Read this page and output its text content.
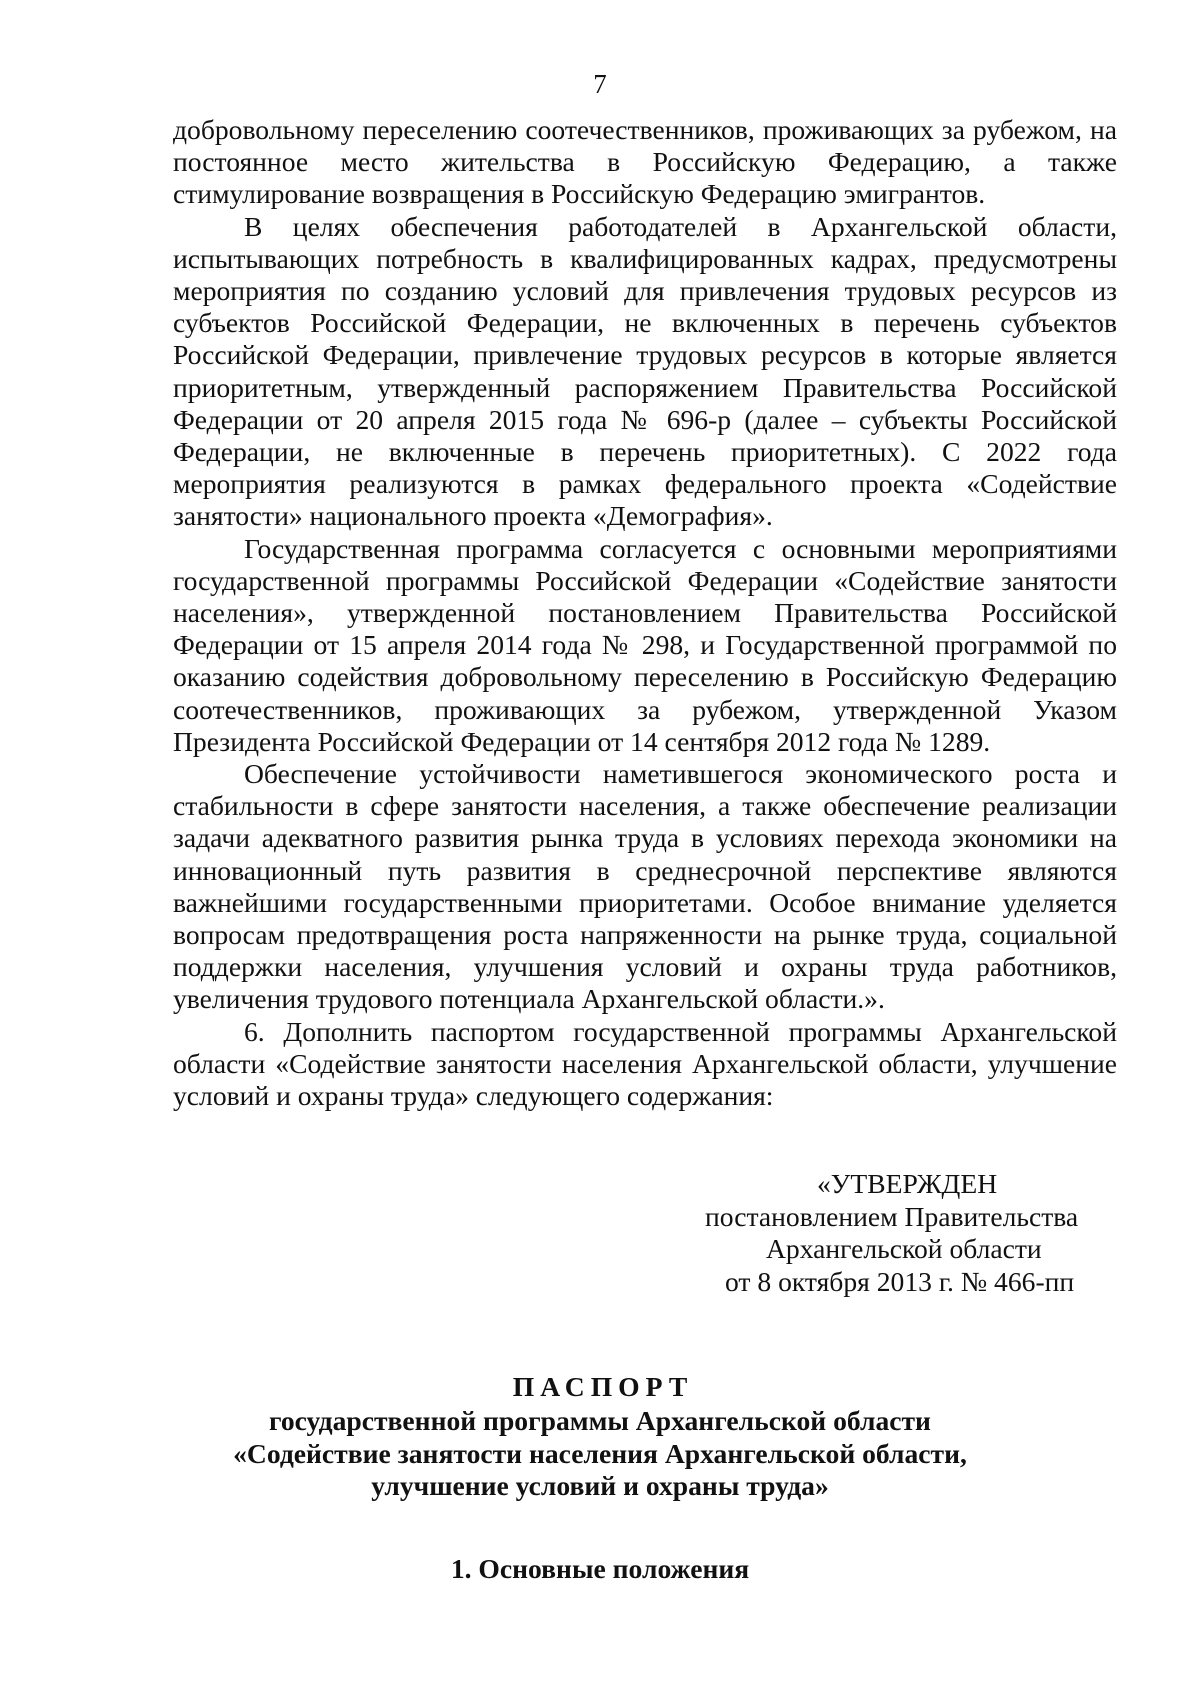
7

добровольному переселению соотечественников, проживающих за рубежом, на постоянное место жительства в Российскую Федерацию, а также стимулирование возвращения в Российскую Федерацию эмигрантов.

В целях обеспечения работодателей в Архангельской области, испытывающих потребность в квалифицированных кадрах, предусмотрены мероприятия по созданию условий для привлечения трудовых ресурсов из субъектов Российской Федерации, не включенных в перечень субъектов Российской Федерации, привлечение трудовых ресурсов в которые является приоритетным, утвержденный распоряжением Правительства Российской Федерации от 20 апреля 2015 года № 696-р (далее – субъекты Российской Федерации, не включенные в перечень приоритетных). С 2022 года мероприятия реализуются в рамках федерального проекта «Содействие занятости» национального проекта «Демография».

Государственная программа согласуется с основными мероприятиями государственной программы Российской Федерации «Содействие занятости населения», утвержденной постановлением Правительства Российской Федерации от 15 апреля 2014 года № 298, и Государственной программой по оказанию содействия добровольному переселению в Российскую Федерацию соотечественников, проживающих за рубежом, утвержденной Указом Президента Российской Федерации от 14 сентября 2012 года № 1289.

Обеспечение устойчивости наметившегося экономического роста и стабильности в сфере занятости населения, а также обеспечение реализации задачи адекватного развития рынка труда в условиях перехода экономики на инновационный путь развития в среднесрочной перспективе являются важнейшими государственными приоритетами. Особое внимание уделяется вопросам предотвращения роста напряженности на рынке труда, социальной поддержки населения, улучшения условий и охраны труда работников, увеличения трудового потенциала Архангельской области.».

6. Дополнить паспортом государственной программы Архангельской области «Содействие занятости населения Архангельской области, улучшение условий и охраны труда» следующего содержания:

«УТВЕРЖДЕН
постановлением Правительства
Архангельской области
от 8 октября 2013 г. № 466-пп
ПАСПОРТ
государственной программы Архангельской области
«Содействие занятости населения Архангельской области,
улучшение условий и охраны труда»
1. Основные положения
